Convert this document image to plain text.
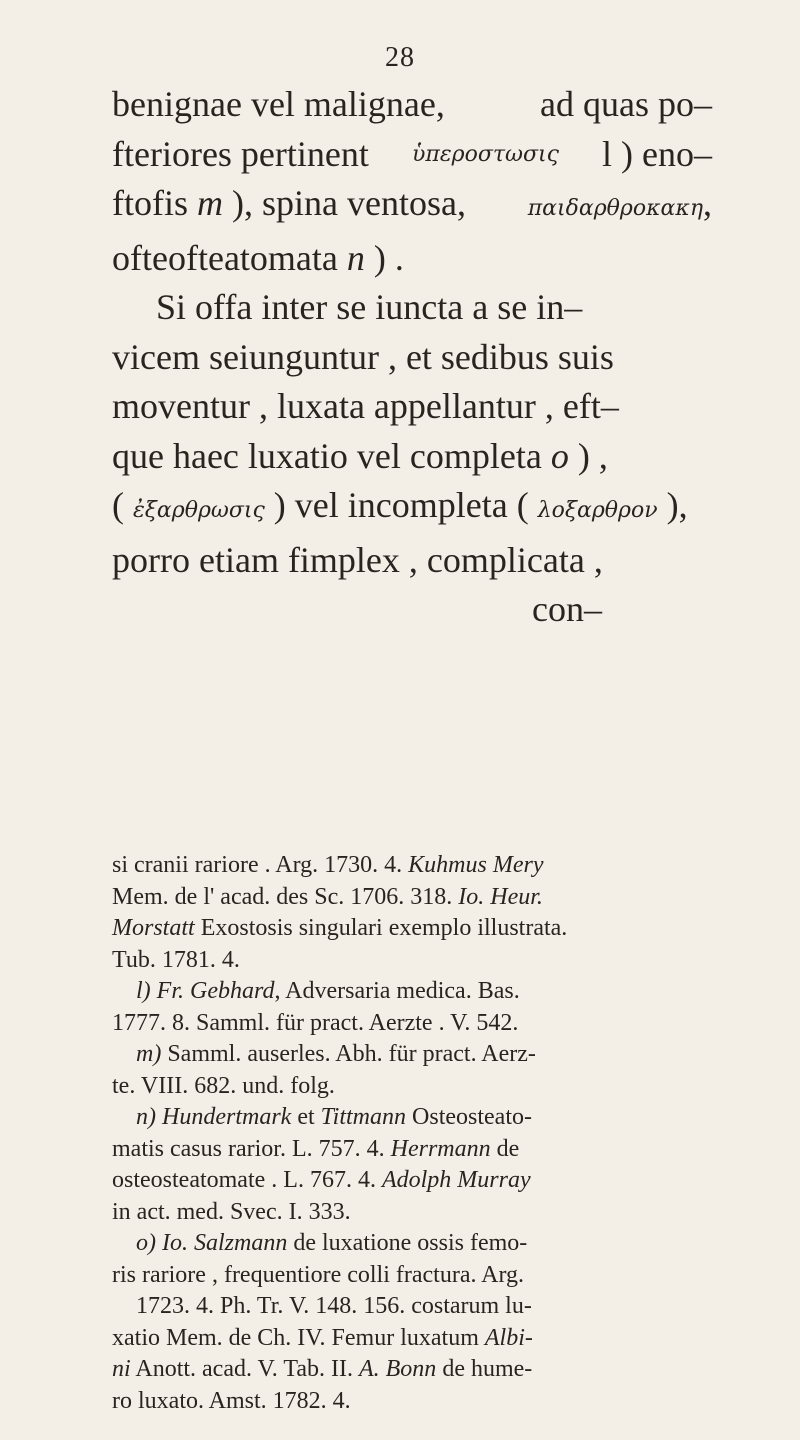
28
benignae vel malignae,	ad quas po–
fteriores pertinent ὑπεροστωσις l ) eno–
ftofis m ), spina ventosa,	παιδαρθροκακη,
ofteofteatomata n ) .
Si offa inter se iuncta a se in–
vicem seiunguntur , et sedibus suis
moventur , luxata appellantur , eft–
que haec luxatio vel completa o ) ,
( ἐξαρθρωσις ) vel incompleta ( λοξαρθρον ),
porro etiam fimplex , complicata ,
con–
si cranii rariore . Arg. 1730. 4. Kuhmus Mery
Mem. de l' acad. des Sc. 1706. 318. Io. Heur.
Morstatt Exostosis singulari exemplo illustrata.
Tub. 1781. 4.
l) Fr. Gebhard, Adversaria medica. Bas.
1777. 8. Samml. für pract. Aerzte . V. 542.
m) Samml. auserles. Abh. für pract. Aerz-
te. VIII. 682. und. folg.
n) Hundertmark et Tittmann Osteosteato-
matis casus rarior. L. 757. 4. Herrmann de
osteosteatomate . L. 767. 4. Adolph Murray
in act. med. Svec. I. 333.
o) Io. Salzmann de luxatione ossis femo-
ris rariore , frequentiore colli fractura. Arg.
1723. 4. Ph. Tr. V. 148. 156. costarum lu-
xatio Mem. de Ch. IV. Femur luxatum Albi-
ni Anott. acad. V. Tab. II. A. Bonn de hume-
ro luxato. Amst. 1782. 4.
